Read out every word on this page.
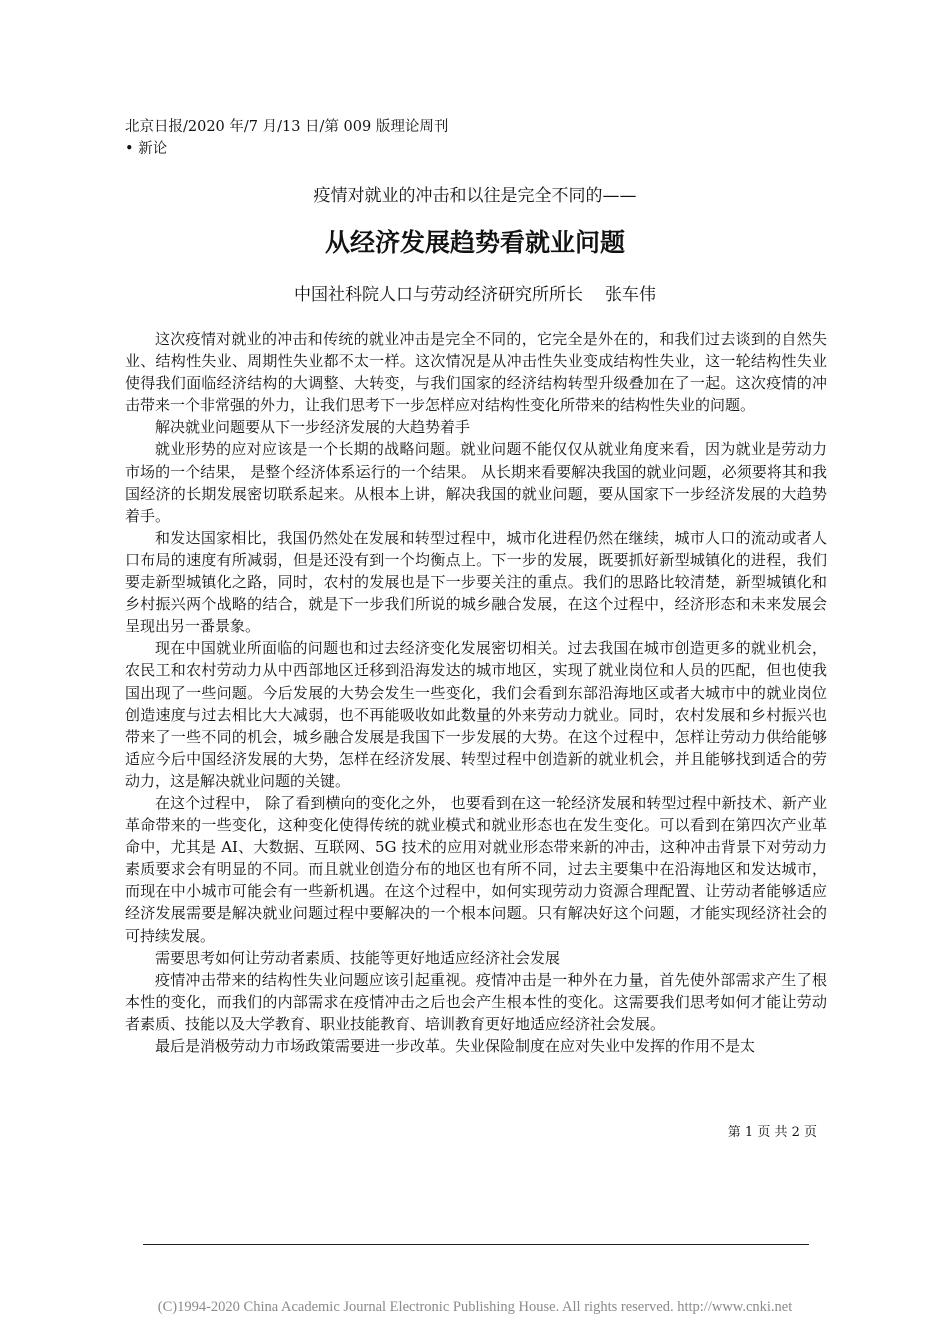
北京日报/2020 年/7 月/13 日/第 009 版理论周刊 • 新论
疫情对就业的冲击和以往是完全不同的——
从经济发展趋势看就业问题
中国社科院人口与劳动经济研究所所长 张车伟

这次疫情对就业的冲击和传统的就业冲击是完全不同的，它完全是外在的，和我们过去谈到的自然失业、结构性失业、周期性失业都不太一样。这次情况是从冲击性失业变成结构性失业，这一轮结构性失业使得我们面临经济结构的大调整、大转变，与我们国家的经济结构转型升级叠加在了一起。这次疫情的冲击带来一个非常强的外力，让我们思考下一步怎样应对结构性变化所带来的结构性失业的问题。

解决就业问题要从下一步经济发展的大趋势着手

就业形势的应对应该是一个长期的战略问题。就业问题不能仅仅从就业角度来看，因为就业是劳动力市场的一个结果， 是整个经济体系运行的一个结果。 从长期来看要解决我国的就业问题，必须要将其和我国经济的长期发展密切联系起来。从根本上讲，解决我国的就业问题，要从国家下一步经济发展的大趋势着手。

和发达国家相比，我国仍然处在发展和转型过程中，城市化进程仍然在继续，城市人口的流动或者人口布局的速度有所减弱，但是还没有到一个均衡点上。下一步的发展，既要抓好新型城镇化的进程，我们要走新型城镇化之路，同时，农村的发展也是下一步要关注的重点。我们的思路比较清楚，新型城镇化和乡村振兴两个战略的结合，就是下一步我们所说的城乡融合发展，在这个过程中，经济形态和未来发展会呈现出另一番景象。

现在中国就业所面临的问题也和过去经济变化发展密切相关。过去我国在城市创造更多的就业机会，农民工和农村劳动力从中西部地区迁移到沿海发达的城市地区，实现了就业岗位和人员的匹配，但也使我国出现了一些问题。今后发展的大势会发生一些变化，我们会看到东部沿海地区或者大城市中的就业岗位创造速度与过去相比大大减弱，也不再能吸收如此数量的外来劳动力就业。同时，农村发展和乡村振兴也带来了一些不同的机会，城乡融合发展是我国下一步发展的大势。在这个过程中，怎样让劳动力供给能够适应今后中国经济发展的大势，怎样在经济发展、转型过程中创造新的就业机会，并且能够找到适合的劳动力，这是解决就业问题的关键。

在这个过程中， 除了看到横向的变化之外， 也要看到在这一轮经济发展和转型过程中新技术、新产业革命带来的一些变化，这种变化使得传统的就业模式和就业形态也在发生变化。可以看到在第四次产业革命中，尤其是 AI、大数据、互联网、5G 技术的应用对就业形态带来新的冲击，这种冲击背景下对劳动力素质要求会有明显的不同。而且就业创造分布的地区也有所不同，过去主要集中在沿海地区和发达城市，而现在中小城市可能会有一些新机遇。在这个过程中，如何实现劳动力资源合理配置、让劳动者能够适应经济发展需要是解决就业问题过程中要解决的一个根本问题。只有解决好这个问题，才能实现经济社会的可持续发展。

需要思考如何让劳动者素质、技能等更好地适应经济社会发展

疫情冲击带来的结构性失业问题应该引起重视。疫情冲击是一种外在力量，首先使外部需求产生了根本性的变化，而我们的内部需求在疫情冲击之后也会产生根本性的变化。这需要我们思考如何才能让劳动者素质、技能以及大学教育、职业技能教育、培训教育更好地适应经济社会发展。

最后是消极劳动力市场政策需要进一步改革。失业保险制度在应对失业中发挥的作用不是太

第 1 页 共 2 页
(C)1994-2020 China Academic Journal Electronic Publishing House. All rights reserved. http://www.cnki.net
